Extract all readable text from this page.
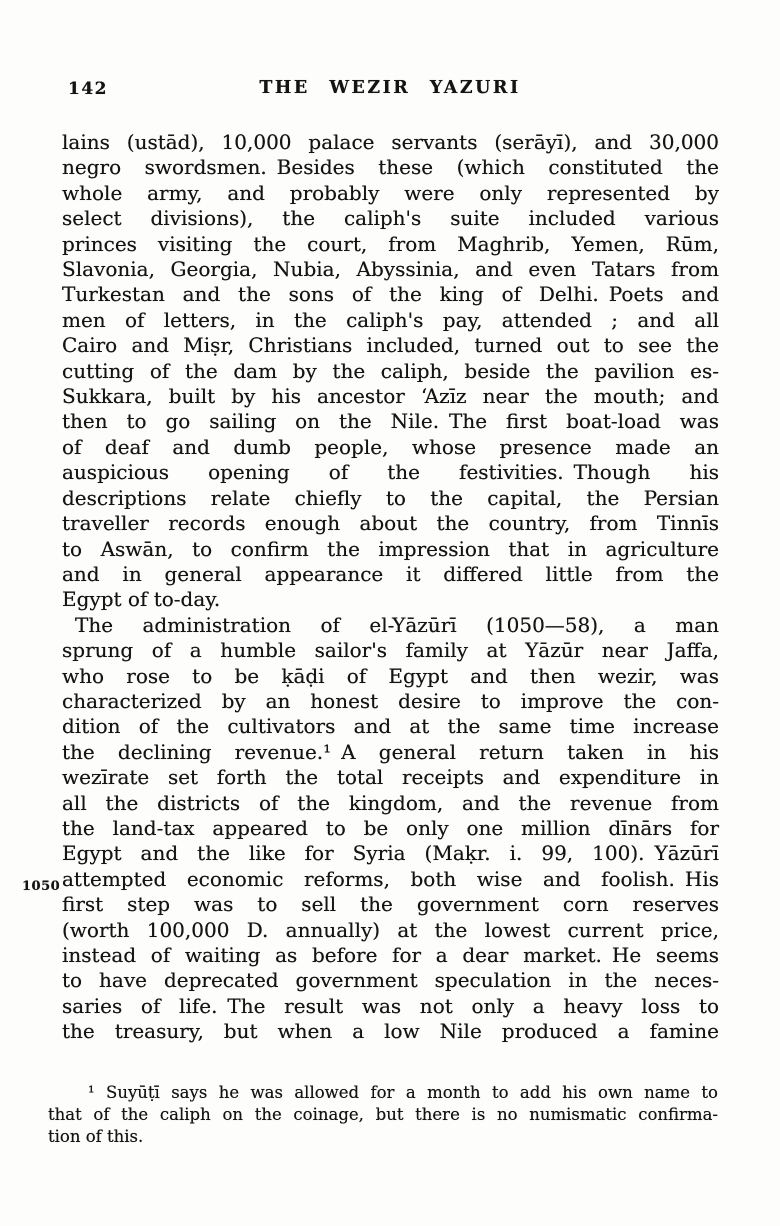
142	THE WEZIR YAZURI
lains (ustād), 10,000 palace servants (serāyī), and 30,000
negro swordsmen. Besides these (which constituted the
whole army, and probably were only represented by
select divisions), the caliph's suite included various
princes visiting the court, from Maghrib, Yemen, Rūm,
Slavonia, Georgia, Nubia, Abyssinia, and even Tatars from
Turkestan and the sons of the king of Delhi. Poets and
men of letters, in the caliph's pay, attended ; and all
Cairo and Miṣr, Christians included, turned out to see the
cutting of the dam by the caliph, beside the pavilion es-
Sukkara, built by his ancestor ʻAzīz near the mouth; and
then to go sailing on the Nile. The first boat-load was
of deaf and dumb people, whose presence made an
auspicious opening of the festivities. Though his
descriptions relate chiefly to the capital, the Persian
traveller records enough about the country, from Tinnīs
to Aswān, to confirm the impression that in agriculture
and in general appearance it differed little from the
Egypt of to-day.
The administration of el-Yāzūrī (1050—58), a man
sprung of a humble sailor's family at Yāzūr near Jaffa,
who rose to be ḳāḍi of Egypt and then wezir, was
characterized by an honest desire to improve the con-
dition of the cultivators and at the same time increase
the declining revenue.¹ A general return taken in his
wezīrate set forth the total receipts and expenditure in
all the districts of the kingdom, and the revenue from
the land-tax appeared to be only one million dīnārs for
Egypt and the like for Syria (Maḳr. i. 99, 100). Yāzūrī
attempted economic reforms, both wise and foolish. His
first step was to sell the government corn reserves
(worth 100,000 D. annually) at the lowest current price,
instead of waiting as before for a dear market. He seems
to have deprecated government speculation in the neces-
saries of life. The result was not only a heavy loss to
the treasury, but when a low Nile produced a famine
1050
¹ Suyūṭī says he was allowed for a month to add his own name to
that of the caliph on the coinage, but there is no numismatic confirma-
tion of this.
